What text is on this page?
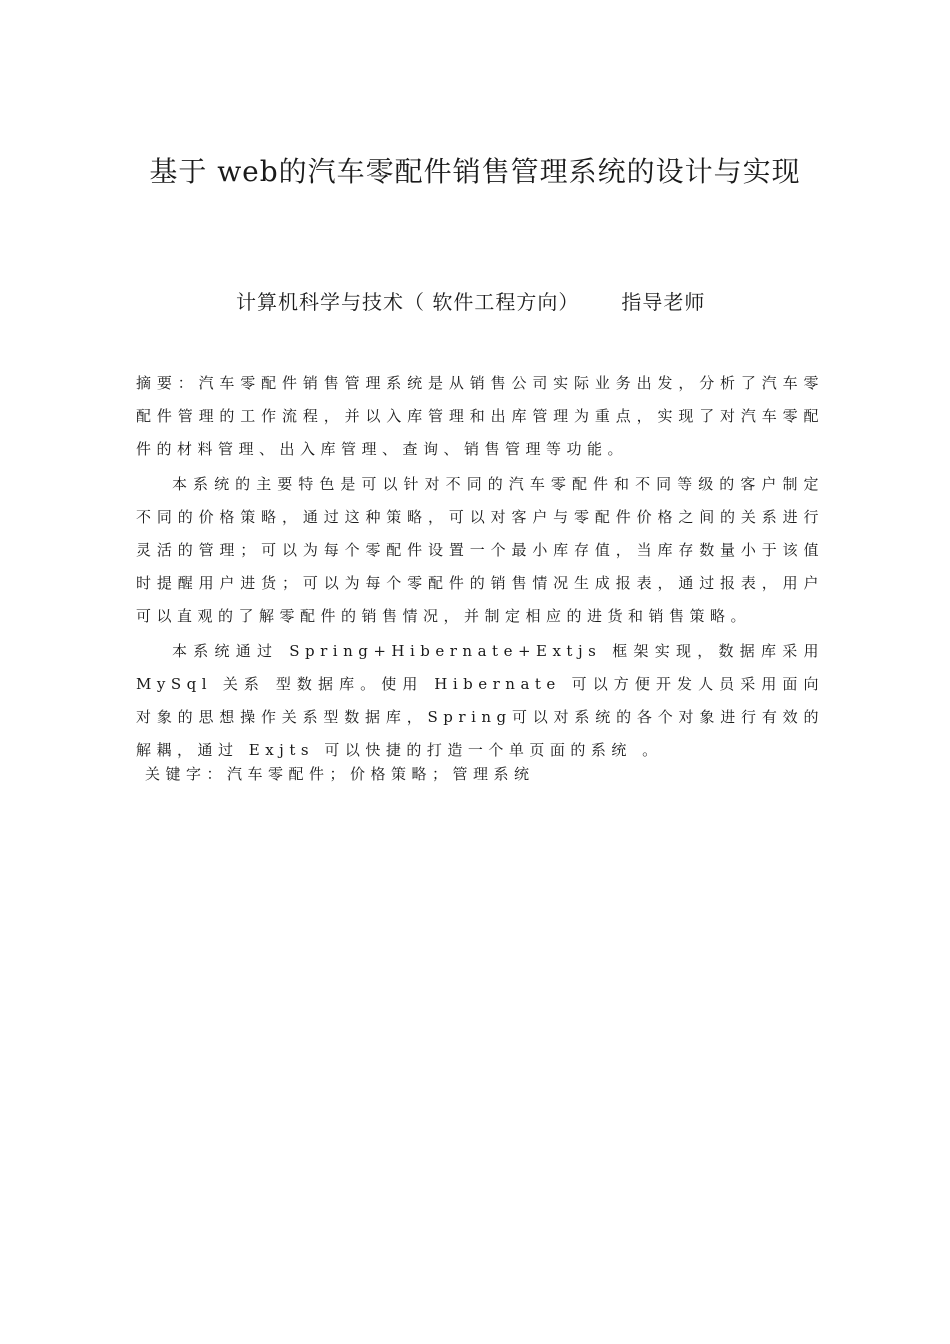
基于 web的汽车零配件销售管理系统的设计与实现
计算机科学与技术（ 软件工程方向） 指导老师

摘要：汽车零配件销售管理系统是从销售公司实际业务出发，分析了汽车零配件管理的工作流程，并以入库管理和出库管理为重点，实现了对汽车零配件的材料管理、出入库管理、查询、销售管理等功能。

本系统的主要特色是可以针对不同的汽车零配件和不同等级的客户制定不同的价格策略，通过这种策略，可以对客户与零配件价格之间的关系进行灵活的管理；可以为每个零配件设置一个最小库存值，当库存数量小于该值时提醒用户进货；可以为每个零配件的销售情况生成报表，通过报表，用户可以直观的了解零配件的销售情况，并制定相应的进货和销售策略。

本系统通过 Spring+Hibernate+Extjs 框架实现，数据库采用 MySql 关系 型数据库。使用 Hibernate 可以方便开发人员采用面向对象的思想操作关系型数据库，Spring可以对系统的各个对象进行有效的解耦，通过 Exjts 可以快捷的打造一个单页面的系统 。

关键字：汽车零配件；价格策略；管理系统
